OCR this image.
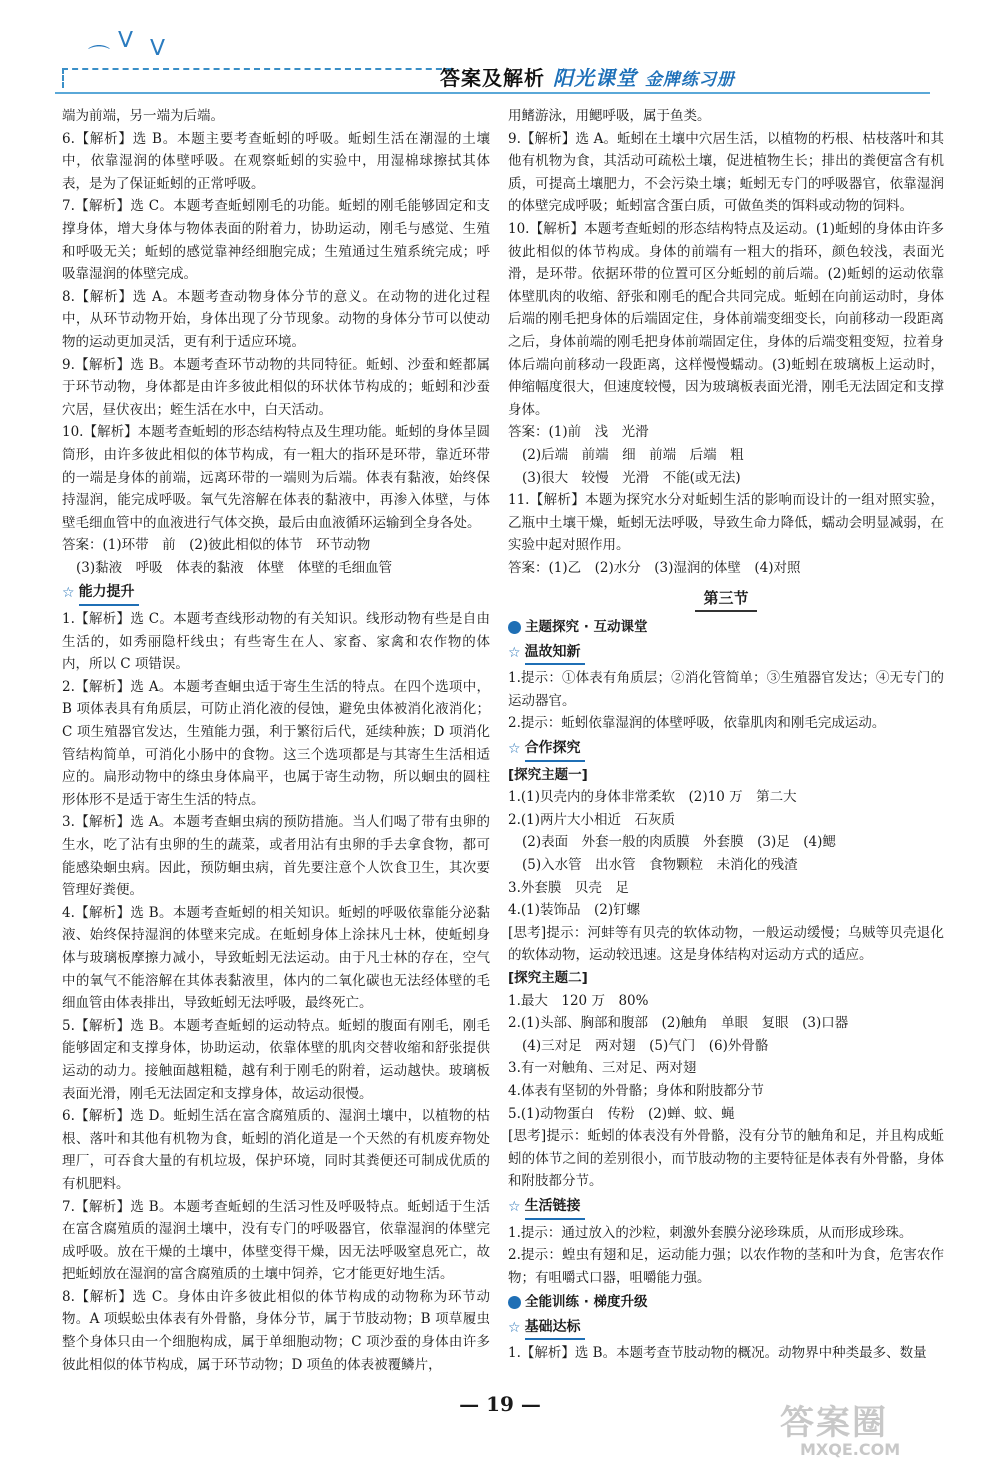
⌒
ᐯ ᐯ
答案及解析 阳光课堂 金牌练习册
端为前端，另一端为后端。
6.【解析】选 B。本题主要考查蚯蚓的呼吸。蚯蚓生活在潮湿的土壤中，依靠湿润的体壁呼吸。在观察蚯蚓的实验中，用湿棉球擦拭其体表，是为了保证蚯蚓的正常呼吸。
7.【解析】选 C。本题考查蚯蚓刚毛的功能。蚯蚓的刚毛能够固定和支撑身体，增大身体与物体表面的附着力，协助运动，刚毛与感觉、生殖和呼吸无关；蚯蚓的感觉靠神经细胞完成；生殖通过生殖系统完成；呼吸靠湿润的体壁完成。
8.【解析】选 A。本题考查动物身体分节的意义。在动物的进化过程中，从环节动物开始，身体出现了分节现象。动物的身体分节可以使动物的运动更加灵活，更有利于适应环境。
9.【解析】选 B。本题考查环节动物的共同特征。蚯蚓、沙蚕和蛭都属于环节动物，身体都是由许多彼此相似的环状体节构成的；蚯蚓和沙蚕穴居，昼伏夜出；蛭生活在水中，白天活动。
10.【解析】本题考查蚯蚓的形态结构特点及生理功能。蚯蚓的身体呈圆筒形，由许多彼此相似的体节构成，有一粗大的指环是环带，靠近环带的一端是身体的前端，远离环带的一端则为后端。体表有黏液，始终保持湿润，能完成呼吸。氧气先溶解在体表的黏液中，再渗入体壁，与体壁毛细血管中的血液进行气体交换，最后由血液循环运输到全身各处。
答案：(1)环带　前　(2)彼此相似的体节　环节动物
(3)黏液　呼吸　体表的黏液　体壁　体壁的毛细血管
☆ 能力提升
1.【解析】选 C。本题考查线形动物的有关知识。线形动物有些是自由生活的，如秀丽隐杆线虫；有些寄生在人、家畜、家禽和农作物的体内，所以 C 项错误。
2.【解析】选 A。本题考查蛔虫适于寄生生活的特点。在四个选项中，B 项体表具有角质层，可防止消化液的侵蚀，避免虫体被消化液消化；C 项生殖器官发达，生殖能力强，利于繁衍后代，延续种族；D 项消化管结构简单，可消化小肠中的食物。这三个选项都是与其寄生生活相适应的。扁形动物中的绦虫身体扁平，也属于寄生动物，所以蛔虫的圆柱形体形不是适于寄生生活的特点。
3.【解析】选 A。本题考查蛔虫病的预防措施。当人们喝了带有虫卵的生水，吃了沾有虫卵的生的蔬菜，或者用沾有虫卵的手去拿食物，都可能感染蛔虫病。因此，预防蛔虫病，首先要注意个人饮食卫生，其次要管理好粪便。
4.【解析】选 B。本题考查蚯蚓的相关知识。蚯蚓的呼吸依靠能分泌黏液、始终保持湿润的体壁来完成。在蚯蚓身体上涂抹凡士林，使蚯蚓身体与玻璃板摩擦力减小，导致蚯蚓无法运动。由于凡士林的存在，空气中的氧气不能溶解在其体表黏液里，体内的二氧化碳也无法经体壁的毛细血管由体表排出，导致蚯蚓无法呼吸，最终死亡。
5.【解析】选 B。本题考查蚯蚓的运动特点。蚯蚓的腹面有刚毛，刚毛能够固定和支撑身体，协助运动，依靠体壁的肌肉交替收缩和舒张提供运动的动力。接触面越粗糙，越有利于刚毛的附着，运动越快。玻璃板表面光滑，刚毛无法固定和支撑身体，故运动很慢。
6.【解析】选 D。蚯蚓生活在富含腐殖质的、湿润土壤中，以植物的枯根、落叶和其他有机物为食，蚯蚓的消化道是一个天然的有机废弃物处理厂，可吞食大量的有机垃圾，保护环境，同时其粪便还可制成优质的有机肥料。
7.【解析】选 B。本题考查蚯蚓的生活习性及呼吸特点。蚯蚓适于生活在富含腐殖质的湿润土壤中，没有专门的呼吸器官，依靠湿润的体壁完成呼吸。放在干燥的土壤中，体壁变得干燥，因无法呼吸窒息死亡，故把蚯蚓放在湿润的富含腐殖质的土壤中饲养，它才能更好地生活。
8.【解析】选 C。身体由许多彼此相似的体节构成的动物称为环节动物。A 项蜈蚣虫体表有外骨骼，身体分节，属于节肢动物；B 项草履虫整个身体只由一个细胞构成，属于单细胞动物；C 项沙蚕的身体由许多彼此相似的体节构成，属于环节动物；D 项鱼的体表被覆鳞片，
用鳍游泳，用鳃呼吸，属于鱼类。
9.【解析】选 A。蚯蚓在土壤中穴居生活，以植物的朽根、枯枝落叶和其他有机物为食，其活动可疏松土壤，促进植物生长；排出的粪便富含有机质，可提高土壤肥力，不会污染土壤；蚯蚓无专门的呼吸器官，依靠湿润的体壁完成呼吸；蚯蚓富含蛋白质，可做鱼类的饵料或动物的饲料。
10.【解析】本题考查蚯蚓的形态结构特点及运动。(1)蚯蚓的身体由许多彼此相似的体节构成。身体的前端有一粗大的指环，颜色较浅，表面光滑，是环带。依据环带的位置可区分蚯蚓的前后端。(2)蚯蚓的运动依靠体壁肌肉的收缩、舒张和刚毛的配合共同完成。蚯蚓在向前运动时，身体后端的刚毛把身体的后端固定住，身体前端变细变长，向前移动一段距离之后，身体前端的刚毛把身体前端固定住，身体的后端变粗变短，拉着身体后端向前移动一段距离，这样慢慢蠕动。(3)蚯蚓在玻璃板上运动时，伸缩幅度很大，但速度较慢，因为玻璃板表面光滑，刚毛无法固定和支撑身体。
答案：(1)前　浅　光滑
(2)后端　前端　细　前端　后端　粗
(3)很大　较慢　光滑　不能(或无法)
11.【解析】本题为探究水分对蚯蚓生活的影响而设计的一组对照实验，乙瓶中土壤干燥，蚯蚓无法呼吸，导致生命力降低，蠕动会明显减弱，在实验中起对照作用。
答案：(1)乙　(2)水分　(3)湿润的体壁　(4)对照
第三节
主题探究 · 互动课堂
☆ 温故知新
1.提示：①体表有角质层；②消化管简单；③生殖器官发达；④无专门的运动器官。
2.提示：蚯蚓依靠湿润的体壁呼吸，依靠肌肉和刚毛完成运动。
☆ 合作探究
[探究主题一]
1.(1)贝壳内的身体非常柔软　(2)10 万　第二大
2.(1)两片大小相近　石灰质
(2)表面　外套一般的肉质膜　外套膜　(3)足　(4)鳃
(5)入水管　出水管　食物颗粒　未消化的残渣
3.外套膜　贝壳　足
4.(1)装饰品　(2)钉螺
[思考]提示：河蚌等有贝壳的软体动物，一般运动缓慢；乌贼等贝壳退化的软体动物，运动较迅速。这是身体结构对运动方式的适应。
[探究主题二]
1.最大　120 万　80%
2.(1)头部、胸部和腹部　(2)触角　单眼　复眼　(3)口器
(4)三对足　两对翅　(5)气门　(6)外骨骼
3.有一对触角、三对足、两对翅
4.体表有坚韧的外骨骼；身体和附肢都分节
5.(1)动物蛋白　传粉　(2)蝉、蚊、蝇
[思考]提示：蚯蚓的体表没有外骨骼，没有分节的触角和足，并且构成蚯蚓的体节之间的差别很小，而节肢动物的主要特征是体表有外骨骼，身体和附肢都分节。
☆ 生活链接
1.提示：通过放入的沙粒，刺激外套膜分泌珍珠质，从而形成珍珠。
2.提示：蝗虫有翅和足，运动能力强；以农作物的茎和叶为食，危害农作物；有咀嚼式口器，咀嚼能力强。
全能训练 · 梯度升级
☆ 基础达标
1.【解析】选 B。本题考查节肢动物的概况。动物界中种类最多、数量
— 19 —	答案圈
MXQE.COM
